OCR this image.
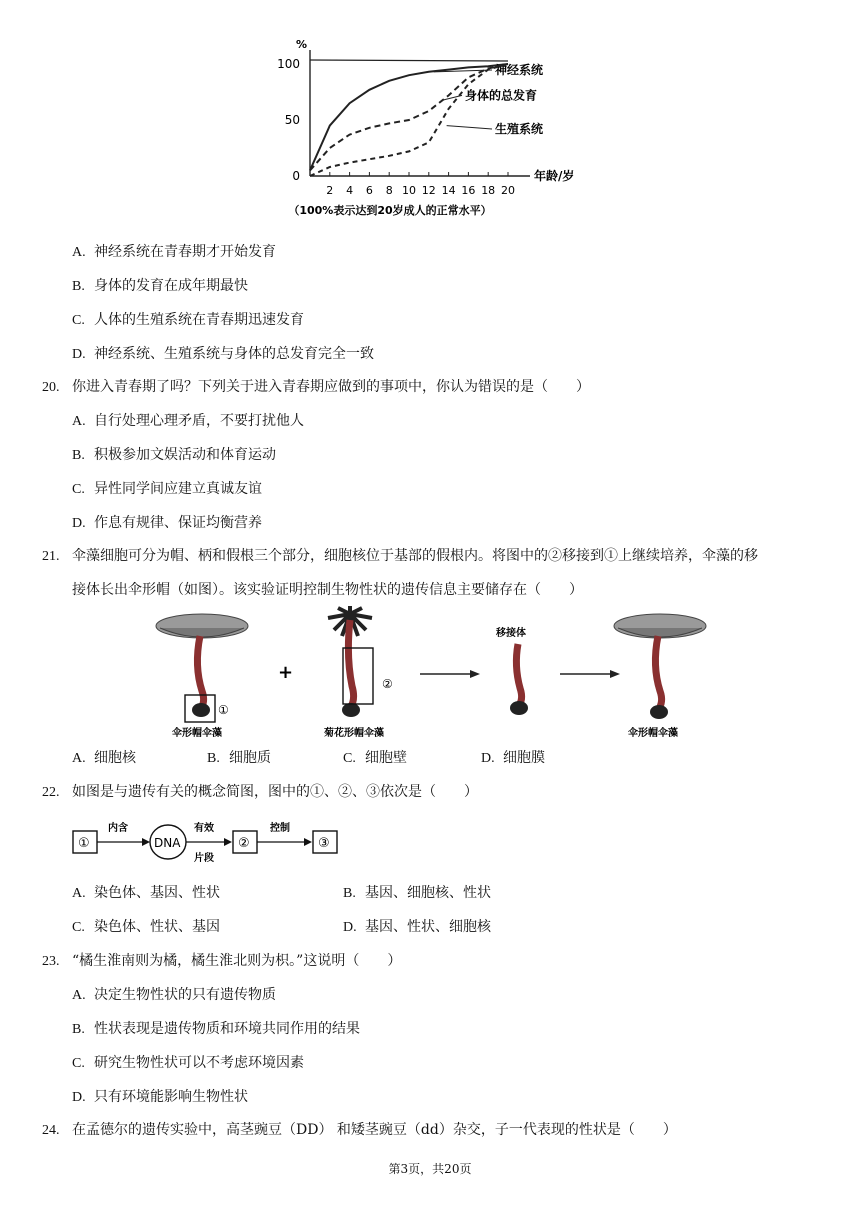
%
0
50
100
2 4 6 8 10 12 14 16 18 20
年龄/岁
（100%表示达到20岁成人的正常水平）
神经系统
身体的总发育
生殖系统
A. 神经系统在青春期才开始发育
B. 身体的发育在成年期最快
C. 人体的生殖系统在青春期迅速发育
D. 神经系统、生殖系统与身体的总发育完全一致
20. 你进入青春期了吗？下列关于进入青春期应做到的事项中，你认为错误的是（　　）
A. 自行处理心理矛盾，不要打扰他人
B. 积极参加文娱活动和体育运动
C. 异性同学间应建立真诚友谊
D. 作息有规律、保证均衡营养
21. 伞藻细胞可分为帽、柄和假根三个部分，细胞核位于基部的假根内。将图中的②移接到①上继续培养，伞藻的移
接体长出伞形帽（如图）。该实验证明控制生物性状的遗传信息主要储存在（　　）
①
伞形帽伞藻
+
②
菊花形帽伞藻
移接体
伞形帽伞藻
A. 细胞核	B. 细胞质	C. 细胞壁	D. 细胞膜
22. 如图是与遗传有关的概念简图，图中的①、②、③依次是（　　）
①
内含
DNA
有效
片段
②
控制
③
A. 染色体、基因、性状	B. 基因、细胞核、性状
C. 染色体、性状、基因	D. 基因、性状、细胞核
23. “橘生淮南则为橘，橘生淮北则为枳。”这说明（　　）
A. 决定生物性状的只有遗传物质
B. 性状表现是遗传物质和环境共同作用的结果
C. 研究生物性状可以不考虑环境因素
D. 只有环境能影响生物性状
24. 在孟德尔的遗传实验中，高茎豌豆（DD） 和矮茎豌豆（dd）杂交，子一代表现的性状是（　　）
第3页，共20页
